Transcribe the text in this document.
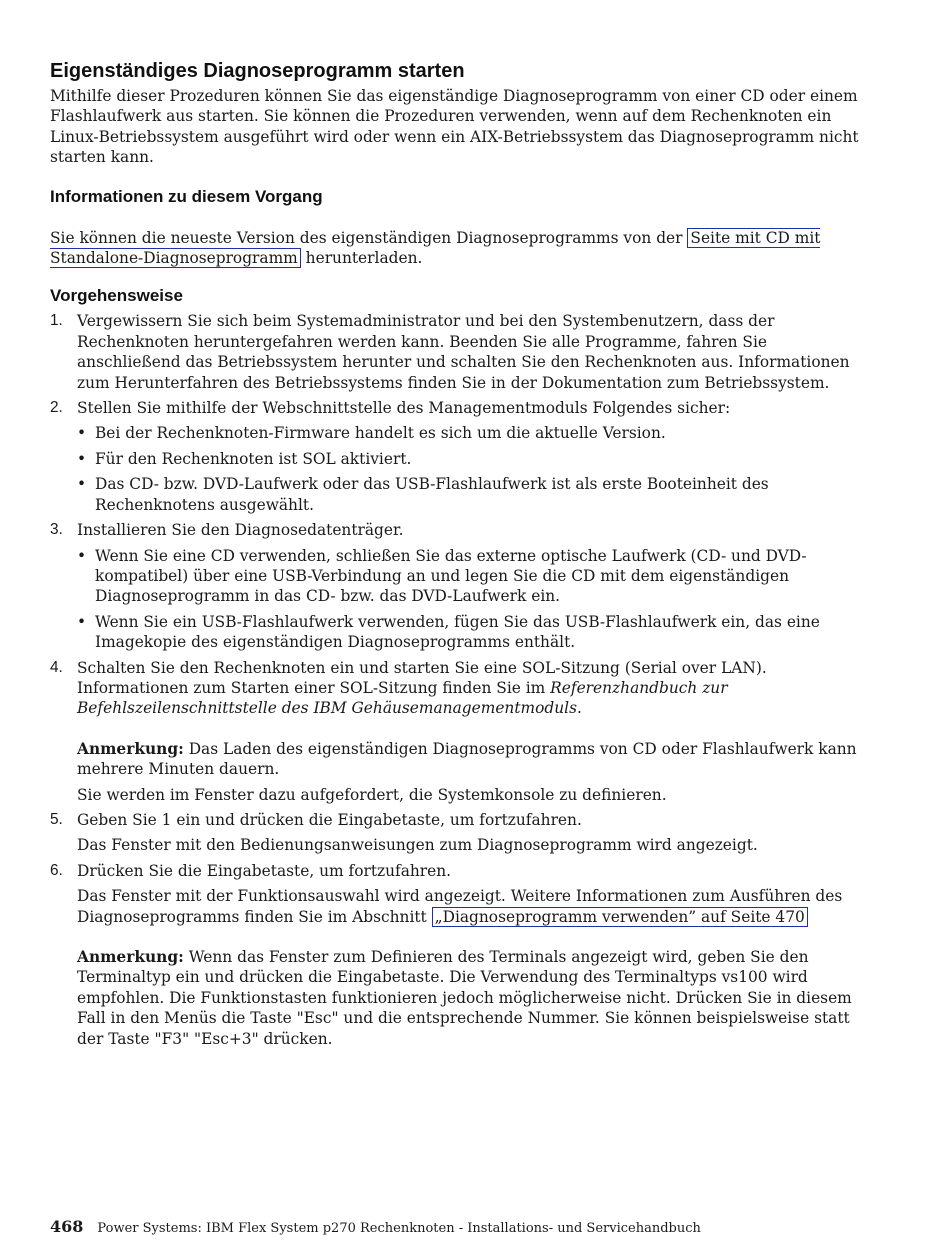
Eigenständiges Diagnoseprogramm starten

Mithilfe dieser Prozeduren können Sie das eigenständige Diagnoseprogramm von einer CD oder einem Flashlaufwerk aus starten. Sie können die Prozeduren verwenden, wenn auf dem Rechenknoten ein Linux-Betriebssystem ausgeführt wird oder wenn ein AIX-Betriebssystem das Diagnoseprogramm nicht starten kann.

Informationen zu diesem Vorgang

Sie können die neueste Version des eigenständigen Diagnoseprogramms von der Seite mit CD mit Standalone-Diagnoseprogramm herunterladen.

Vorgehensweise
1. Vergewissern Sie sich beim Systemadministrator und bei den Systembenutzern, dass der Rechenknoten heruntergefahren werden kann. Beenden Sie alle Programme, fahren Sie anschließend das Betriebssystem herunter und schalten Sie den Rechenknoten aus. Informationen zum Herunterfahren des Betriebssystems finden Sie in der Dokumentation zum Betriebssystem.
2. Stellen Sie mithilfe der Webschnittstelle des Managementmoduls Folgendes sicher:
• Bei der Rechenknoten-Firmware handelt es sich um die aktuelle Version.
• Für den Rechenknoten ist SOL aktiviert.
• Das CD- bzw. DVD-Laufwerk oder das USB-Flashlaufwerk ist als erste Booteinheit des Rechenknotens ausgewählt.
3. Installieren Sie den Diagnosedatenträger.
• Wenn Sie eine CD verwenden, schließen Sie das externe optische Laufwerk (CD- und DVD-kompatibel) über eine USB-Verbindung an und legen Sie die CD mit dem eigenständigen Diagnoseprogramm in das CD- bzw. das DVD-Laufwerk ein.
• Wenn Sie ein USB-Flashlaufwerk verwenden, fügen Sie das USB-Flashlaufwerk ein, das eine Imagekopie des eigenständigen Diagnoseprogramms enthält.
4. Schalten Sie den Rechenknoten ein und starten Sie eine SOL-Sitzung (Serial over LAN). Informationen zum Starten einer SOL-Sitzung finden Sie im Referenzhandbuch zur Befehlszeilenschnittstelle des IBM Gehäusemanagementmoduls.

Anmerkung: Das Laden des eigenständigen Diagnoseprogramms von CD oder Flashlaufwerk kann mehrere Minuten dauern.

Sie werden im Fenster dazu aufgefordert, die Systemkonsole zu definieren.

5. Geben Sie 1 ein und drücken die Eingabetaste, um fortzufahren.

Das Fenster mit den Bedienungsanweisungen zum Diagnoseprogramm wird angezeigt.

6. Drücken Sie die Eingabetaste, um fortzufahren.

Das Fenster mit der Funktionsauswahl wird angezeigt. Weitere Informationen zum Ausführen des Diagnoseprogramms finden Sie im Abschnitt „Diagnoseprogramm verwenden” auf Seite 470

Anmerkung: Wenn das Fenster zum Definieren des Terminals angezeigt wird, geben Sie den Terminaltyp ein und drücken die Eingabetaste. Die Verwendung des Terminaltyps vs100 wird empfohlen. Die Funktionstasten funktionieren jedoch möglicherweise nicht. Drücken Sie in diesem Fall in den Menüs die Taste "Esc" und die entsprechende Nummer. Sie können beispielsweise statt der Taste "F3" "Esc+3" drücken.

468 Power Systems: IBM Flex System p270 Rechenknoten - Installations- und Servicehandbuch
